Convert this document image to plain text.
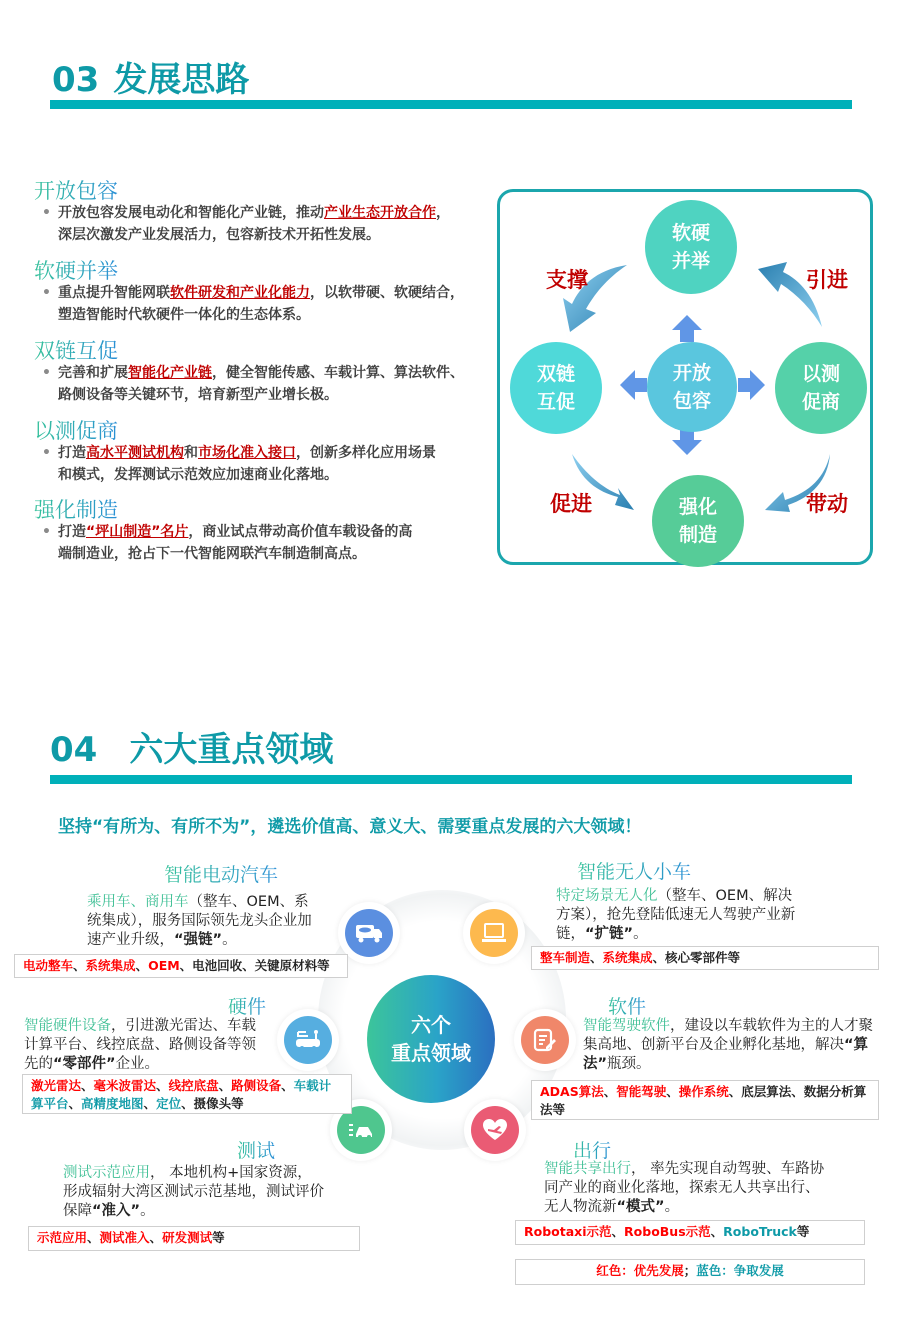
03 发展思路
开放包容
• 开放包容发展电动化和智能化产业链，推动产业生态开放合作，
深层次激发产业发展活力，包容新技术开拓性发展。
软硬并举
• 重点提升智能网联软件研发和产业化能力，以软带硬、软硬结合，
塑造智能时代软硬件一体化的生态体系。
双链互促
• 完善和扩展智能化产业链，健全智能传感、车载计算、算法软件、
路侧设备等关键环节，培育新型产业增长极。
以测促商
• 打造高水平测试机构和市场化准入接口，创新多样化应用场景
和模式，发挥测试示范效应加速商业化落地。
强化制造
• 打造“坪山制造”名片，商业试点带动高价值车载设备的高
端制造业，抢占下一代智能网联汽车制造制高点。
软硬
并举
双链
互促
开放
包容
以测
促商
强化
制造
支撑	引进
促进	带动
04 六大重点领域
坚持“有所为、有所不为”，遴选价值高、意义大、需要重点发展的六大领域！
六个
重点领域
智能电动汽车
乘用车、商用车（整车、OEM、系统集成），服务国际领先龙头企业加速产业升级，“强链”。
电动整车、系统集成、OEM、电池回收、关键原材料等
智能无人小车
特定场景无人化（整车、OEM、解决方案），抢先登陆低速无人驾驶产业新链，“扩链”。
整车制造、系统集成、核心零部件等
硬件
智能硬件设备，引进激光雷达、车载计算平台、线控底盘、路侧设备等领先的“零部件”企业。
激光雷达、毫米波雷达、线控底盘、路侧设备、车载计算平台、高精度地图、定位、摄像头等
软件
智能驾驶软件，建设以车载软件为主的人才聚集高地、创新平台及企业孵化基地，解决“算法”瓶颈。
ADAS算法、智能驾驶、操作系统、底层算法、数据分析算法等
测试
测试示范应用， 本地机构+国家资源，形成辐射大湾区测试示范基地，测试评价保障“准入”。
示范应用、测试准入、研发测试等
出行
智能共享出行， 率先实现自动驾驶、车路协同产业的商业化落地，探索无人共享出行、无人物流新“模式”。
Robotaxi示范、RoboBus示范、RoboTruck等
红色：优先发展；蓝色：争取发展
